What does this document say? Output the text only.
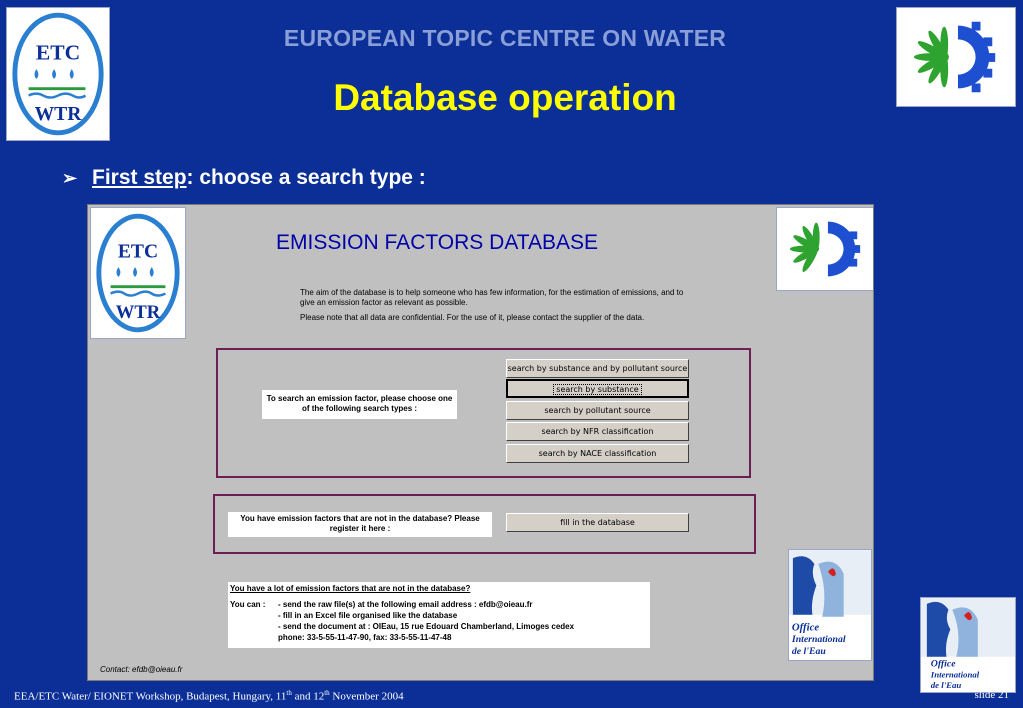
ETC
WTR
EUROPEAN TOPIC CENTRE ON WATER
Database operation
➢ First step: choose a search type :
ETC
WTR
EMISSION FACTORS DATABASE

The aim of the database is to help someone who has few information, for the estimation of emissions, and to give an emission factor as relevant as possible.

Please note that all data are confidential. For the use of it, please contact the supplier of the data.

To search an emission factor, please choose one of the following search types :
search by substance and by pollutant source
search by substance
search by pollutant source
search by NFR classification
search by NACE classification
You have emission factors that are not in the database? Please register it here :
fill in the database
You have a lot of emission factors that are not in the database?
You can :	- send the raw file(s) at the following email address : efdb@oieau.fr
- fill in an Excel file organised like the database
- send the document at : OIEau, 15 rue Edouard Chamberland, Limoges cedex
phone: 33-5-55-11-47-90, fax: 33-5-55-11-47-48
Office
International
de l'Eau
Contact: efdb@oieau.fr	Office
International
de l'Eau
EEA/ETC Water/ EIONET Workshop, Budapest, Hungary, 11th and 12th November 2004	slide 21
